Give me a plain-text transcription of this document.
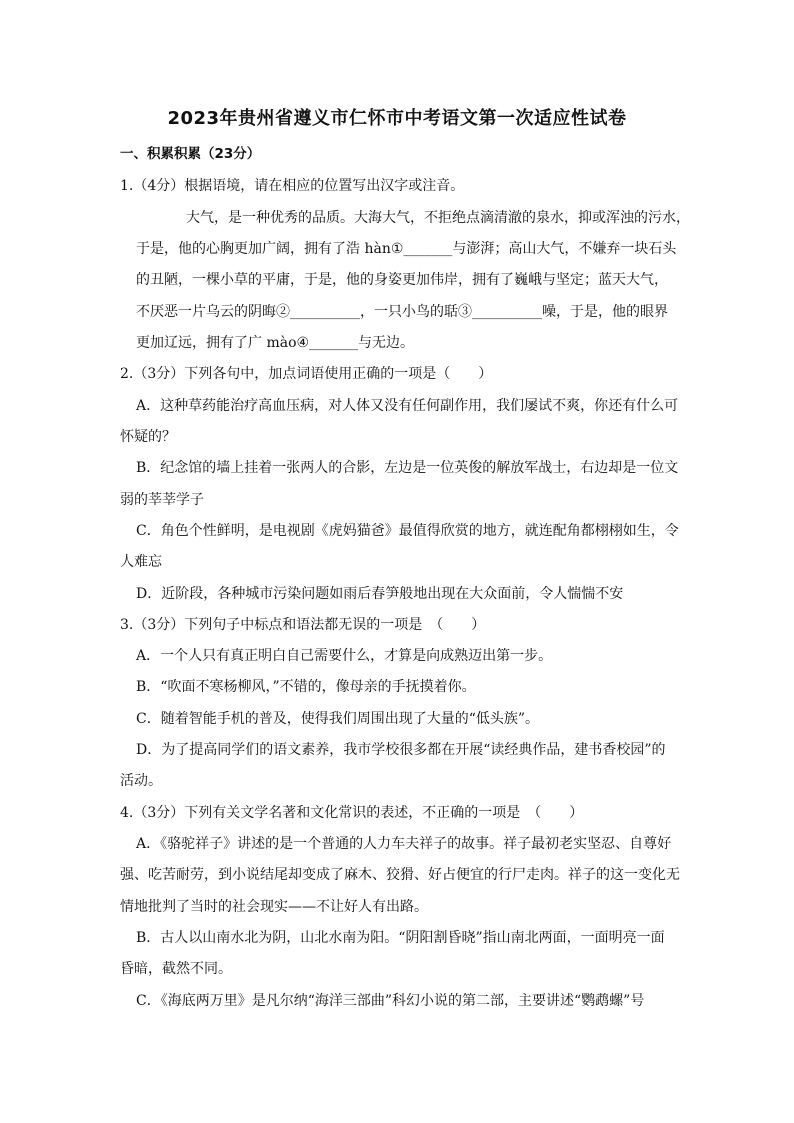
2023年贵州省遵义市仁怀市中考语文第一次适应性试卷
一、积累积累（23分）
1.（4分）根据语境，请在相应的位置写出汉字或注音。
大气，是一种优秀的品质。大海大气，不拒绝点滴清澈的泉水，抑或浑浊的污水，
于是，他的心胸更加广阔，拥有了浩 hàn①_______与澎湃；高山大气，不嫌弃一块石头
的丑陋，一棵小草的平庸，于是，他的身姿更加伟岸，拥有了巍峨与坚定；蓝天大气，
不厌恶一片乌云的阴晦②__________，一只小鸟的聒③__________噪，于是，他的眼界
更加辽远，拥有了广 mào④_______与无边。
2.（3分）下列各句中，加点词语使用正确的一项是（　　）
A．这种草药能治疗高血压病，对人体又没有任何副作用，我们屡试不爽，你还有什么可
怀疑的？
B．纪念馆的墙上挂着一张两人的合影，左边是一位英俊的解放军战士，右边却是一位文
弱的莘莘学子
C．角色个性鲜明，是电视剧《虎妈猫爸》最值得欣赏的地方，就连配角都栩栩如生，令
人难忘
D．近阶段，各种城市污染问题如雨后春笋般地出现在大众面前，令人惴惴不安
3.（3分）下列句子中标点和语法都无误的一项是　（　　）
A．一个人只有真正明白自己需要什么，才算是向成熟迈出第一步。
B．“吹面不寒杨柳风，”不错的，像母亲的手抚摸着你。
C．随着智能手机的普及，使得我们周围出现了大量的“低头族”。
D．为了提高同学们的语文素养，我市学校很多都在开展“读经典作品，建书香校园”的
活动。
4.（3分）下列有关文学名著和文化常识的表述，不正确的一项是　（　　）
A．《骆驼祥子》讲述的是一个普通的人力车夫祥子的故事。祥子最初老实坚忍、自尊好
强、吃苦耐劳，到小说结尾却变成了麻木、狡猾、好占便宜的行尸走肉。祥子的这一变化无
情地批判了当时的社会现实——不让好人有出路。
B．古人以山南水北为阴，山北水南为阳。“阴阳割昏晓”指山南北两面，一面明亮一面
昏暗，截然不同。
C．《海底两万里》是凡尔纳“海洋三部曲”科幻小说的第二部，主要讲述“鹦鹉螺”号
